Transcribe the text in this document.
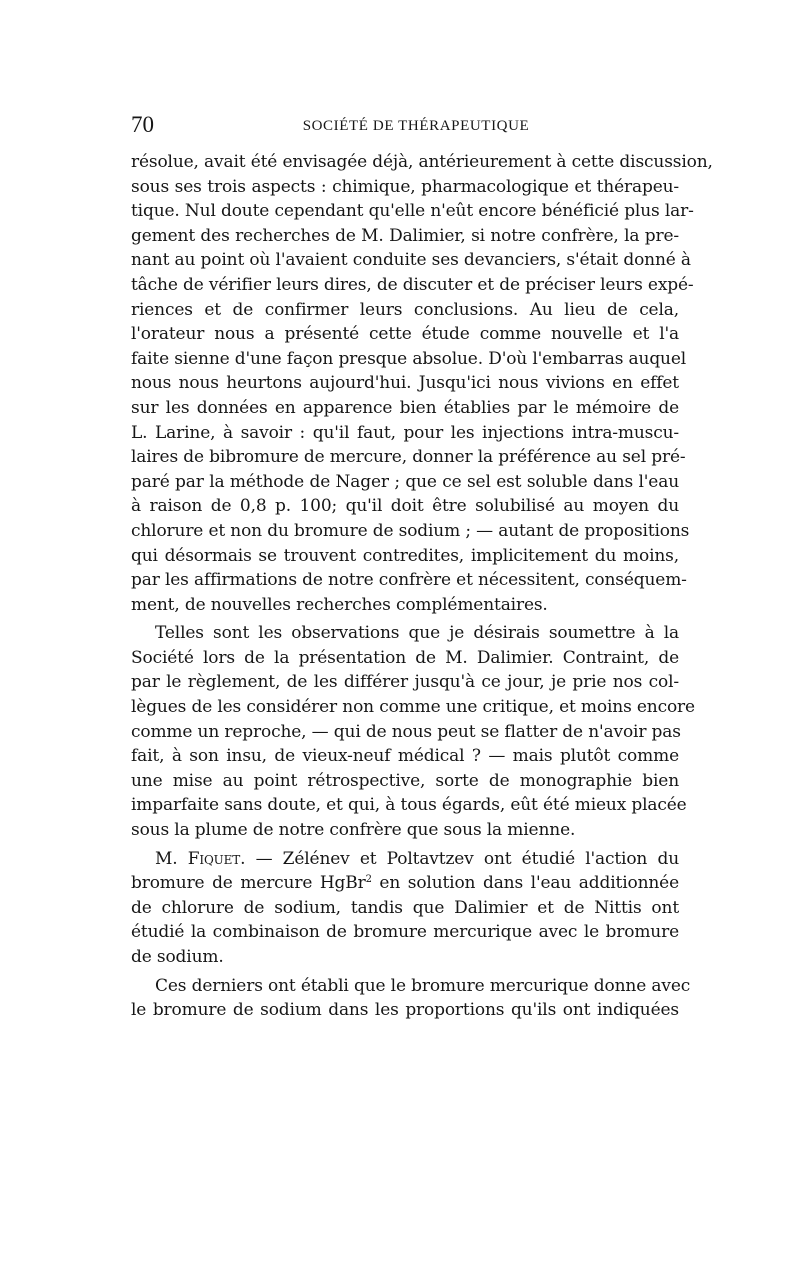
70	SOCIÉTÉ DE THÉRAPEUTIQUE
résolue, avait été envisagée déjà, antérieurement à cette discussion,
sous ses trois aspects : chimique, pharmacologique et thérapeu-
tique. Nul doute cependant qu'elle n'eût encore bénéficié plus lar-
gement des recherches de M. Dalimier, si notre confrère, la pre-
nant au point où l'avaient conduite ses devanciers, s'était donné à
tâche de vérifier leurs dires, de discuter et de préciser leurs expé-
riences et de confirmer leurs conclusions. Au lieu de cela,
l'orateur nous a présenté cette étude comme nouvelle et l'a
faite sienne d'une façon presque absolue. D'où l'embarras auquel
nous nous heurtons aujourd'hui. Jusqu'ici nous vivions en effet
sur les données en apparence bien établies par le mémoire de
L. Larine, à savoir : qu'il faut, pour les injections intra-muscu-
laires de bibromure de mercure, donner la préférence au sel pré-
paré par la méthode de Nager ; que ce sel est soluble dans l'eau
à raison de 0,8 p. 100; qu'il doit être solubilisé au moyen du
chlorure et non du bromure de sodium ; — autant de propositions
qui désormais se trouvent contredites, implicitement du moins,
par les affirmations de notre confrère et nécessitent, conséquem-
ment, de nouvelles recherches complémentaires.
Telles sont les observations que je désirais soumettre à la
Société lors de la présentation de M. Dalimier. Contraint, de
par le règlement, de les différer jusqu'à ce jour, je prie nos col-
lègues de les considérer non comme une critique, et moins encore
comme un reproche, — qui de nous peut se flatter de n'avoir pas
fait, à son insu, de vieux-neuf médical ? — mais plutôt comme
une mise au point rétrospective, sorte de monographie bien
imparfaite sans doute, et qui, à tous égards, eût été mieux placée
sous la plume de notre confrère que sous la mienne.
M. Fiquet. — Zélénev et Poltavtzev ont étudié l'action du
bromure de mercure HgBr$^2$ en solution dans l'eau additionnée
de chlorure de sodium, tandis que Dalimier et de Nittis ont
étudié la combinaison de bromure mercurique avec le bromure
de sodium.
Ces derniers ont établi que le bromure mercurique donne avec
le bromure de sodium dans les proportions qu'ils ont indiquées
